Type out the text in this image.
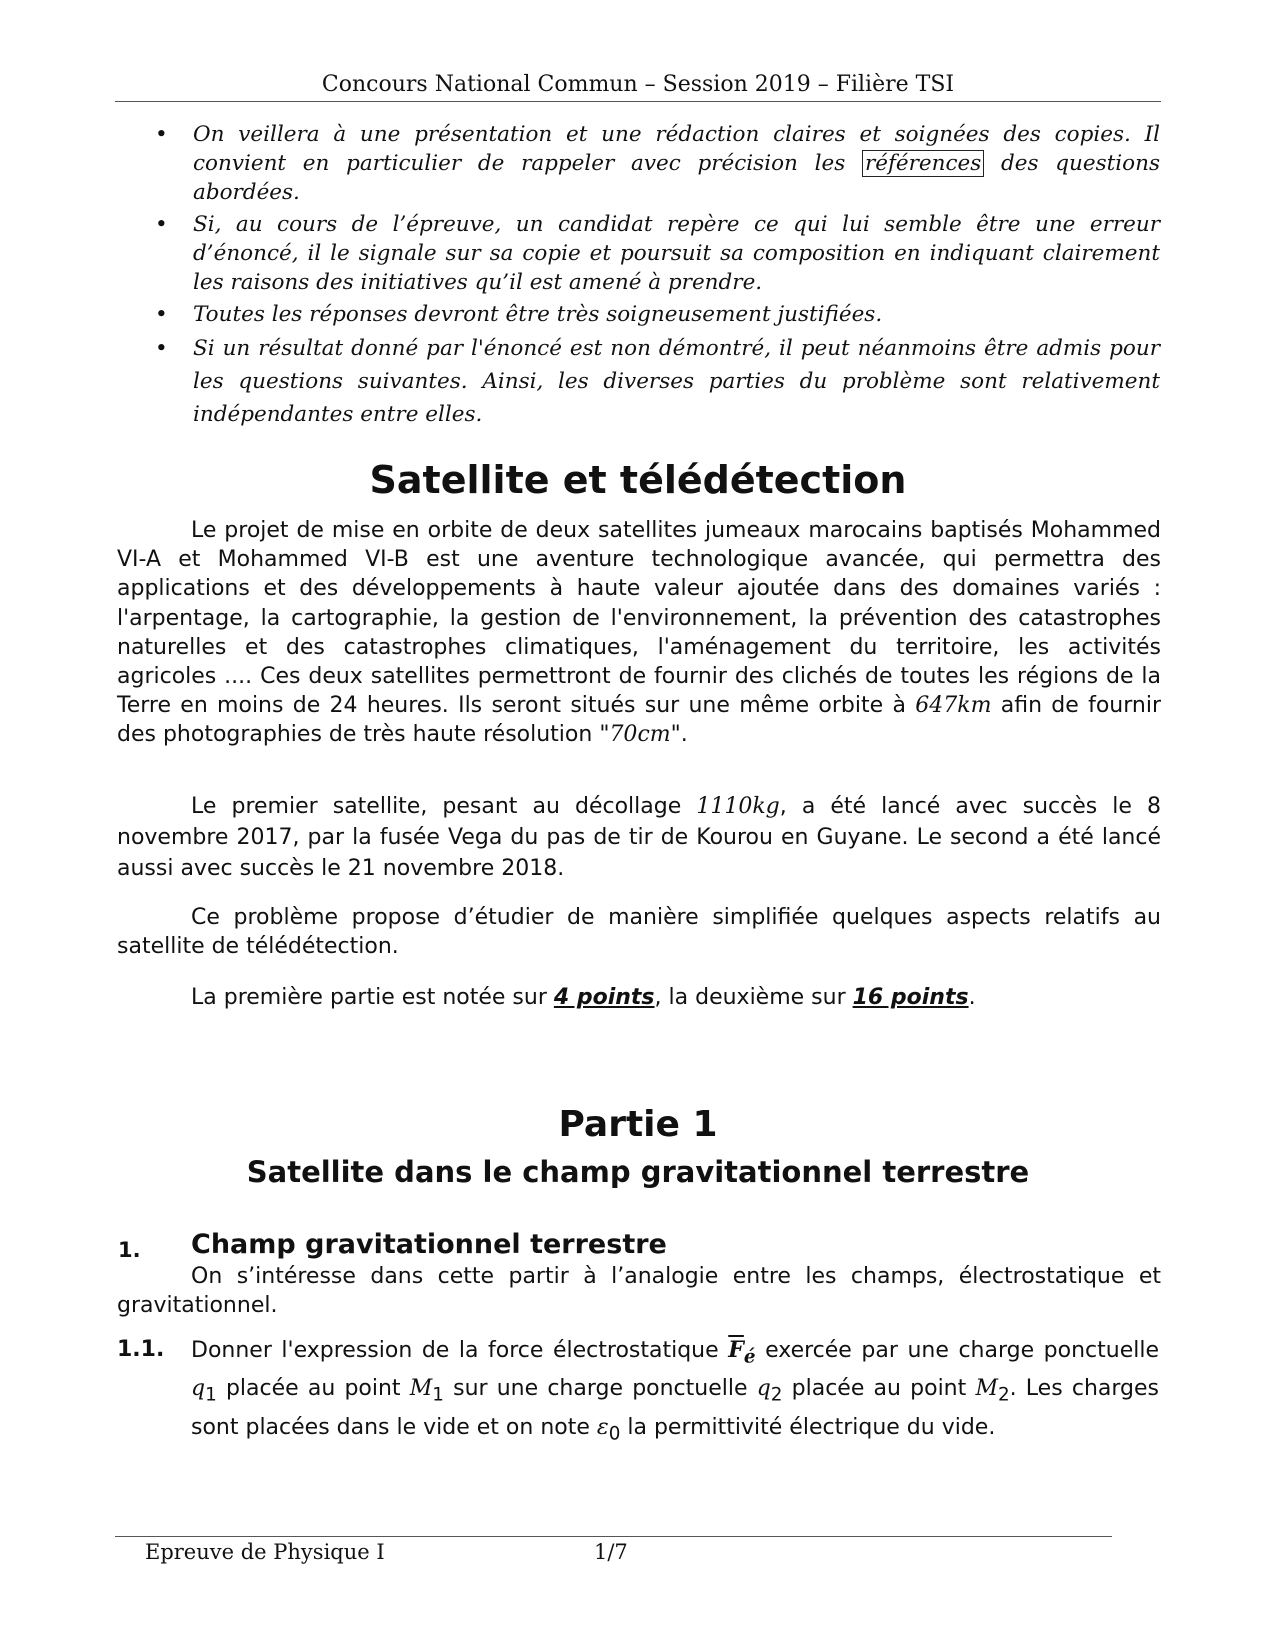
Concours National Commun – Session 2019 – Filière TSI
• On veillera à une présentation et une rédaction claires et soignées des copies. Il convient en particulier de rappeler avec précision les références des questions abordées.
• Si, au cours de l’épreuve, un candidat repère ce qui lui semble être une erreur d’énoncé, il le signale sur sa copie et poursuit sa composition en indiquant clairement les raisons des initiatives qu’il est amené à prendre.
• Toutes les réponses devront être très soigneusement justifiées.
• Si un résultat donné par l'énoncé est non démontré, il peut néanmoins être admis pour les questions suivantes. Ainsi, les diverses parties du problème sont relativement indépendantes entre elles.
Satellite et télédétection

Le projet de mise en orbite de deux satellites jumeaux marocains baptisés Mohammed VI-A et Mohammed VI-B est une aventure technologique avancée, qui permettra des applications et des développements à haute valeur ajoutée dans des domaines variés : l'arpentage, la cartographie, la gestion de l'environnement, la prévention des catastrophes naturelles et des catastrophes climatiques, l'aménagement du territoire, les activités agricoles .... Ces deux satellites permettront de fournir des clichés de toutes les régions de la Terre en moins de 24 heures. Ils seront situés sur une même orbite à 647km afin de fournir des photographies de très haute résolution "70cm".

Le premier satellite, pesant au décollage 1110kg, a été lancé avec succès le 8 novembre 2017, par la fusée Vega du pas de tir de Kourou en Guyane. Le second a été lancé aussi avec succès le 21 novembre 2018.

Ce problème propose d’étudier de manière simplifiée quelques aspects relatifs au satellite de télédétection.

La première partie est notée sur 4 points, la deuxième sur 16 points.

Partie 1
Satellite dans le champ gravitationnel terrestre
1. Champ gravitationnel terrestre

On s’intéresse dans cette partir à l’analogie entre les champs, électrostatique et gravitationnel.

1.1. Donner l'expression de la force électrostatique $\overline{F}_é$ exercée par une charge ponctuelle $q_1$ placée au point $M_1$ sur une charge ponctuelle $q_2$ placée au point $M_2$. Les charges sont placées dans le vide et on note $\varepsilon_0$ la permittivité électrique du vide.

Epreuve de Physique I	1/7
